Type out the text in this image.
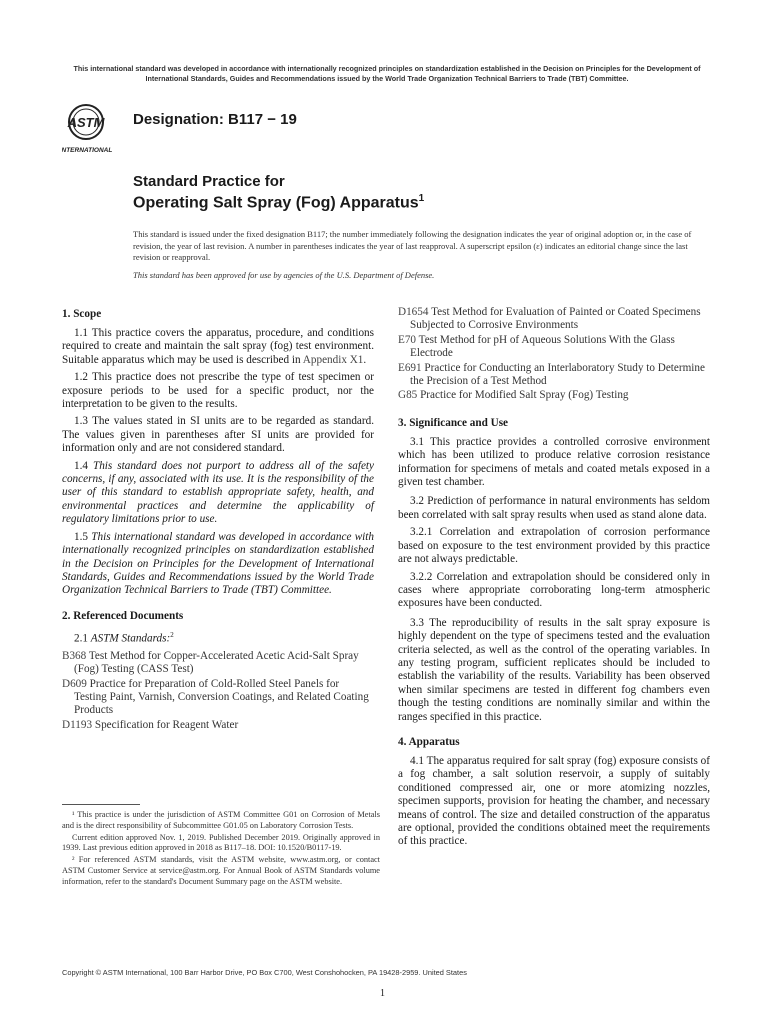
This international standard was developed in accordance with internationally recognized principles on standardization established in the Decision on Principles for the Development of International Standards, Guides and Recommendations issued by the World Trade Organization Technical Barriers to Trade (TBT) Committee.
ASTM
INTERNATIONAL
Designation: B117 − 19
Standard Practice for
Operating Salt Spray (Fog) Apparatus$^1$
This standard is issued under the fixed designation B117; the number immediately following the designation indicates the year of original adoption or, in the case of revision, the year of last revision. A number in parentheses indicates the year of last reapproval. A superscript epsilon (ε) indicates an editorial change since the last revision or reapproval.
This standard has been approved for use by agencies of the U.S. Department of Defense.
1. Scope

1.1 This practice covers the apparatus, procedure, and conditions required to create and maintain the salt spray (fog) test environment. Suitable apparatus which may be used is described in Appendix X1.

1.2 This practice does not prescribe the type of test specimen or exposure periods to be used for a specific product, nor the interpretation to be given to the results.

1.3 The values stated in SI units are to be regarded as standard. The values given in parentheses after SI units are provided for information only and are not considered standard.

1.4 This standard does not purport to address all of the safety concerns, if any, associated with its use. It is the responsibility of the user of this standard to establish appropriate safety, health, and environmental practices and determine the applicability of regulatory limitations prior to use.

1.5 This international standard was developed in accordance with internationally recognized principles on standardization established in the Decision on Principles for the Development of International Standards, Guides and Recommendations issued by the World Trade Organization Technical Barriers to Trade (TBT) Committee.

2. Referenced Documents

2.1 ASTM Standards:$^2$

B368 Test Method for Copper-Accelerated Acetic Acid-Salt Spray (Fog) Testing (CASS Test)

D609 Practice for Preparation of Cold-Rolled Steel Panels for Testing Paint, Varnish, Conversion Coatings, and Related Coating Products

D1193 Specification for Reagent Water

¹ This practice is under the jurisdiction of ASTM Committee G01 on Corrosion of Metals and is the direct responsibility of Subcommittee G01.05 on Laboratory Corrosion Tests.

Current edition approved Nov. 1, 2019. Published December 2019. Originally approved in 1939. Last previous edition approved in 2018 as B117–18. DOI: 10.1520/B0117-19.

² For referenced ASTM standards, visit the ASTM website, www.astm.org, or contact ASTM Customer Service at service@astm.org. For Annual Book of ASTM Standards volume information, refer to the standard's Document Summary page on the ASTM website.

D1654 Test Method for Evaluation of Painted or Coated Specimens Subjected to Corrosive Environments

E70 Test Method for pH of Aqueous Solutions With the Glass Electrode

E691 Practice for Conducting an Interlaboratory Study to Determine the Precision of a Test Method

G85 Practice for Modified Salt Spray (Fog) Testing

3. Significance and Use

3.1 This practice provides a controlled corrosive environment which has been utilized to produce relative corrosion resistance information for specimens of metals and coated metals exposed in a given test chamber.

3.2 Prediction of performance in natural environments has seldom been correlated with salt spray results when used as stand alone data.

3.2.1 Correlation and extrapolation of corrosion performance based on exposure to the test environment provided by this practice are not always predictable.

3.2.2 Correlation and extrapolation should be considered only in cases where appropriate corroborating long-term atmospheric exposures have been conducted.

3.3 The reproducibility of results in the salt spray exposure is highly dependent on the type of specimens tested and the evaluation criteria selected, as well as the control of the operating variables. In any testing program, sufficient replicates should be included to establish the variability of the results. Variability has been observed when similar specimens are tested in different fog chambers even though the testing conditions are nominally similar and within the ranges specified in this practice.

4. Apparatus

4.1 The apparatus required for salt spray (fog) exposure consists of a fog chamber, a salt solution reservoir, a supply of suitably conditioned compressed air, one or more atomizing nozzles, specimen supports, provision for heating the chamber, and necessary means of control. The size and detailed construction of the apparatus are optional, provided the conditions obtained meet the requirements of this practice.

Copyright © ASTM International, 100 Barr Harbor Drive, PO Box C700, West Conshohocken, PA 19428-2959. United States
1
